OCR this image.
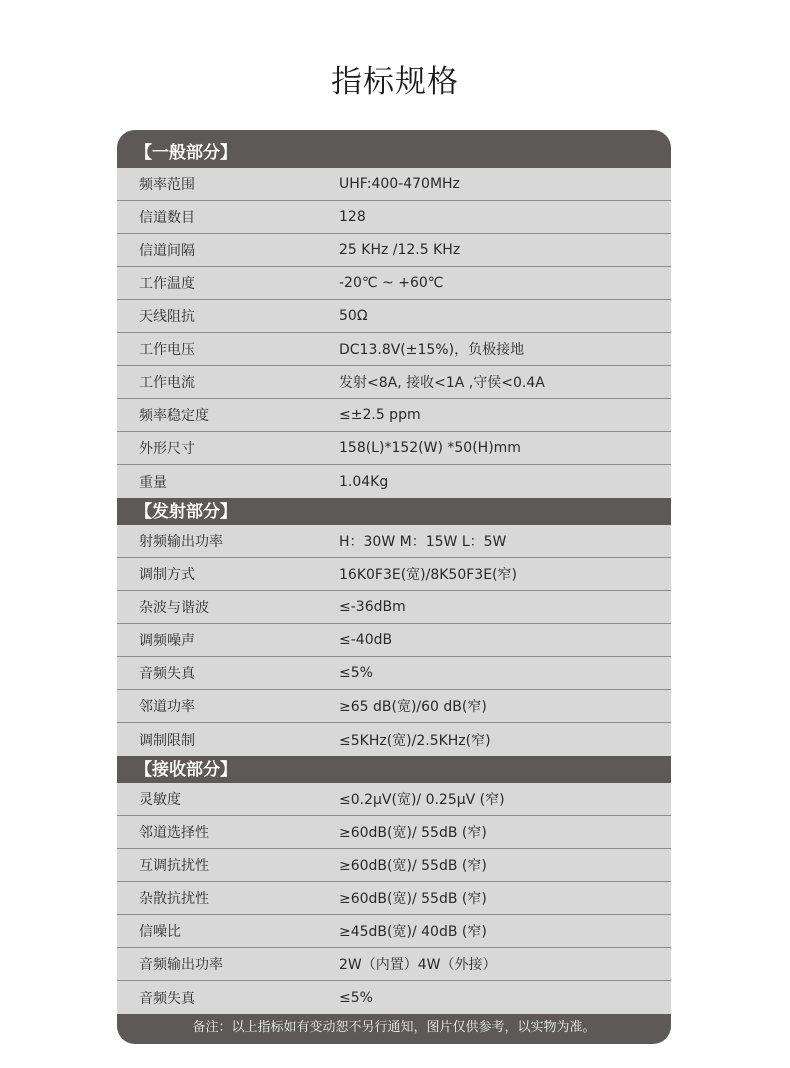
指标规格
【一般部分】
频率范围	UHF:400-470MHz
信道数目	128
信道间隔	25 KHz /12.5 KHz
工作温度	-20℃ ~ +60℃
天线阻抗	50Ω
工作电压	DC13.8V(±15%)，负极接地
工作电流	发射<8A, 接收<1A ,守侯<0.4A
频率稳定度	≤±2.5 ppm
外形尺寸	158(L)*152(W) *50(H)mm
重量	1.04Kg
【发射部分】
射频输出功率	H：30W M：15W L：5W
调制方式	16K0F3E(宽)/8K50F3E(窄)
杂波与谐波	≤-36dBm
调频噪声	≤-40dB
音频失真	≤5%
邻道功率	≥65 dB(宽)/60 dB(窄)
调制限制	≤5KHz(宽)/2.5KHz(窄)
【接收部分】
灵敏度	≤0.2μV(宽)/ 0.25μV (窄)
邻道选择性	≥60dB(宽)/ 55dB (窄)
互调抗扰性	≥60dB(宽)/ 55dB (窄)
杂散抗扰性	≥60dB(宽)/ 55dB (窄)
信噪比	≥45dB(宽)/ 40dB (窄)
音频输出功率	2W（内置）4W（外接）
音频失真	≤5%
备注：以上指标如有变动恕不另行通知，图片仅供参考，以实物为准。
